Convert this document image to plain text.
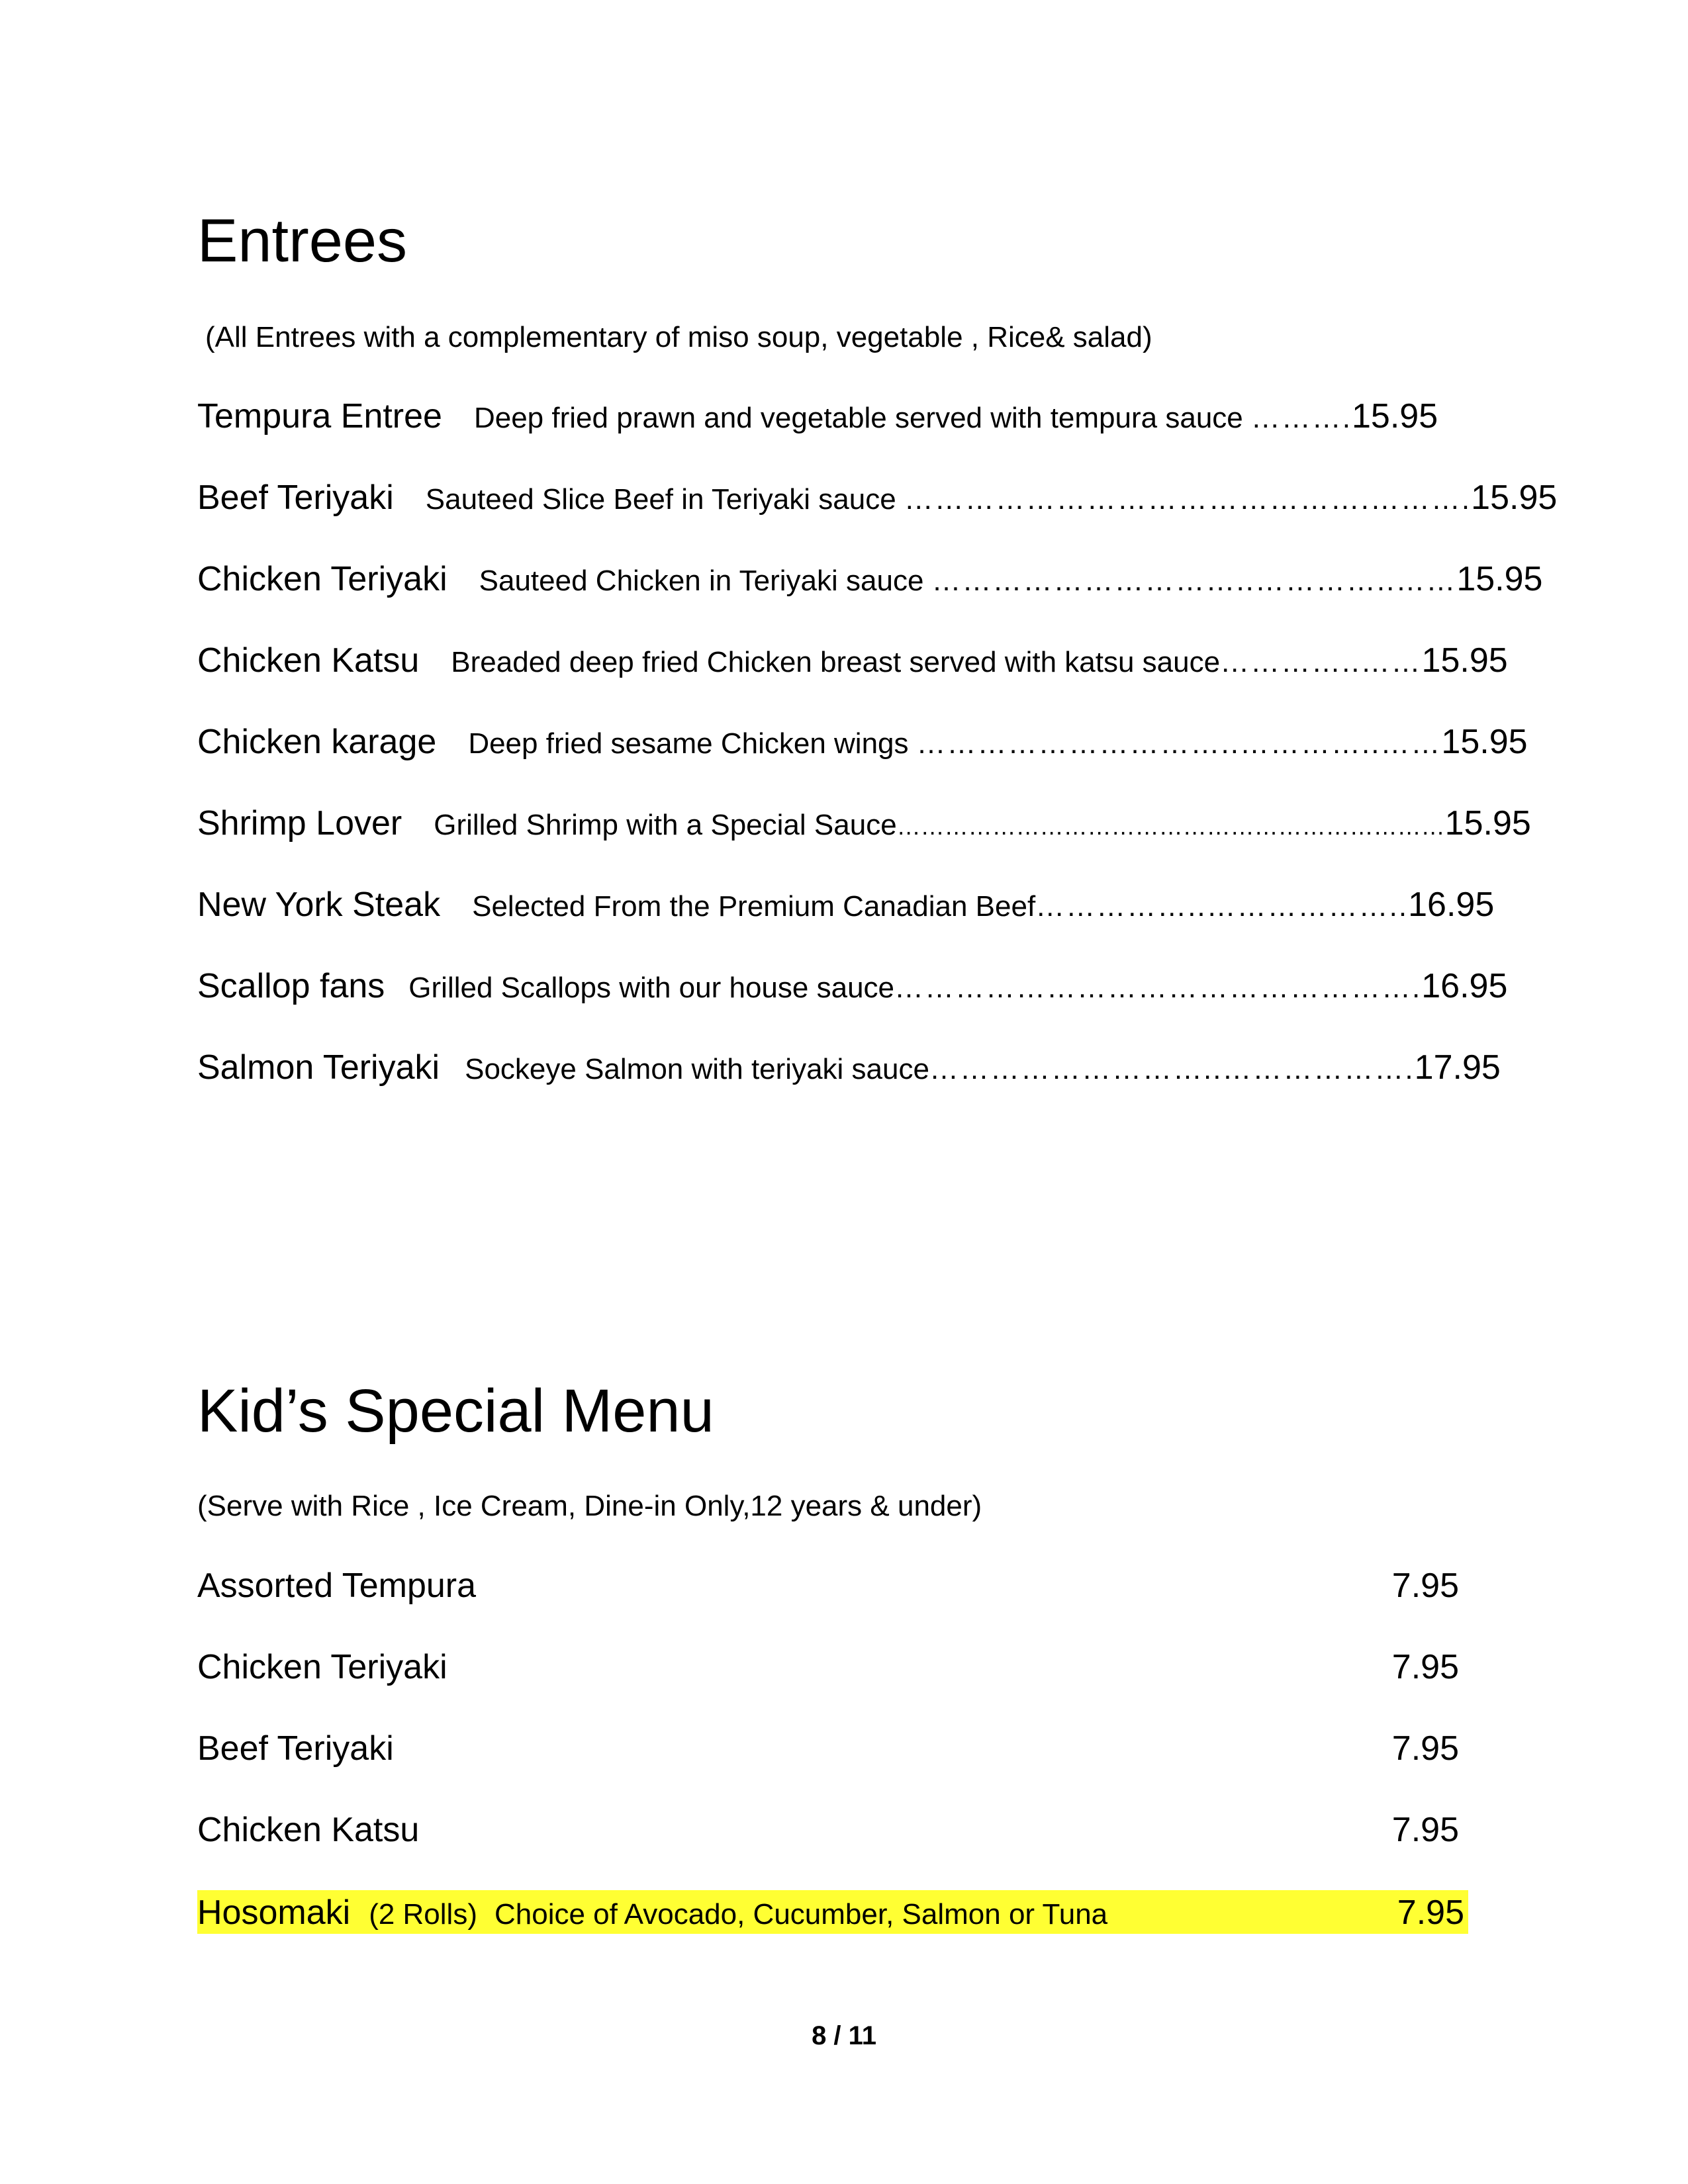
Entrees
(All Entrees with a complementary of miso soup, vegetable , Rice& salad)
Tempura Entree Deep fried prawn and vegetable served with tempura sauce ………. 15.95
Beef Teriyaki Sauteed Slice Beef in Teriyaki sauce ……………………………………….………. 15.95
Chicken Teriyaki Sauteed Chicken in Teriyaki sauce …………………………..…………..…… 15.95
Chicken Katsu Breaded deep fried Chicken breast served with katsu sauce …………..…… 15.95
Chicken karage Deep fried sesame Chicken wings …………………………..…………..…… 15.95
Shrimp Lover Grilled Shrimp with a Special Sauce …………………………………………………………… 15.95
New York Steak Selected From the Premium Canadian Beef ……………..……………….. 16.95
Scallop fans Grilled Scallops with our house sauce ……………………………………………. 16.95
Salmon Teriyaki Sockeye Salmon with teriyaki sauce ………………………..………………. 17.95
Kid’s Special Menu
(Serve with Rice , Ice Cream, Dine-in Only,12 years & under)
Assorted Tempura	7.95
Chicken Teriyaki	7.95
Beef Teriyaki	7.95
Chicken Katsu	7.95
Hosomaki (2 Rolls) Choice of Avocado, Cucumber, Salmon or Tuna	7.95
8 / 11
